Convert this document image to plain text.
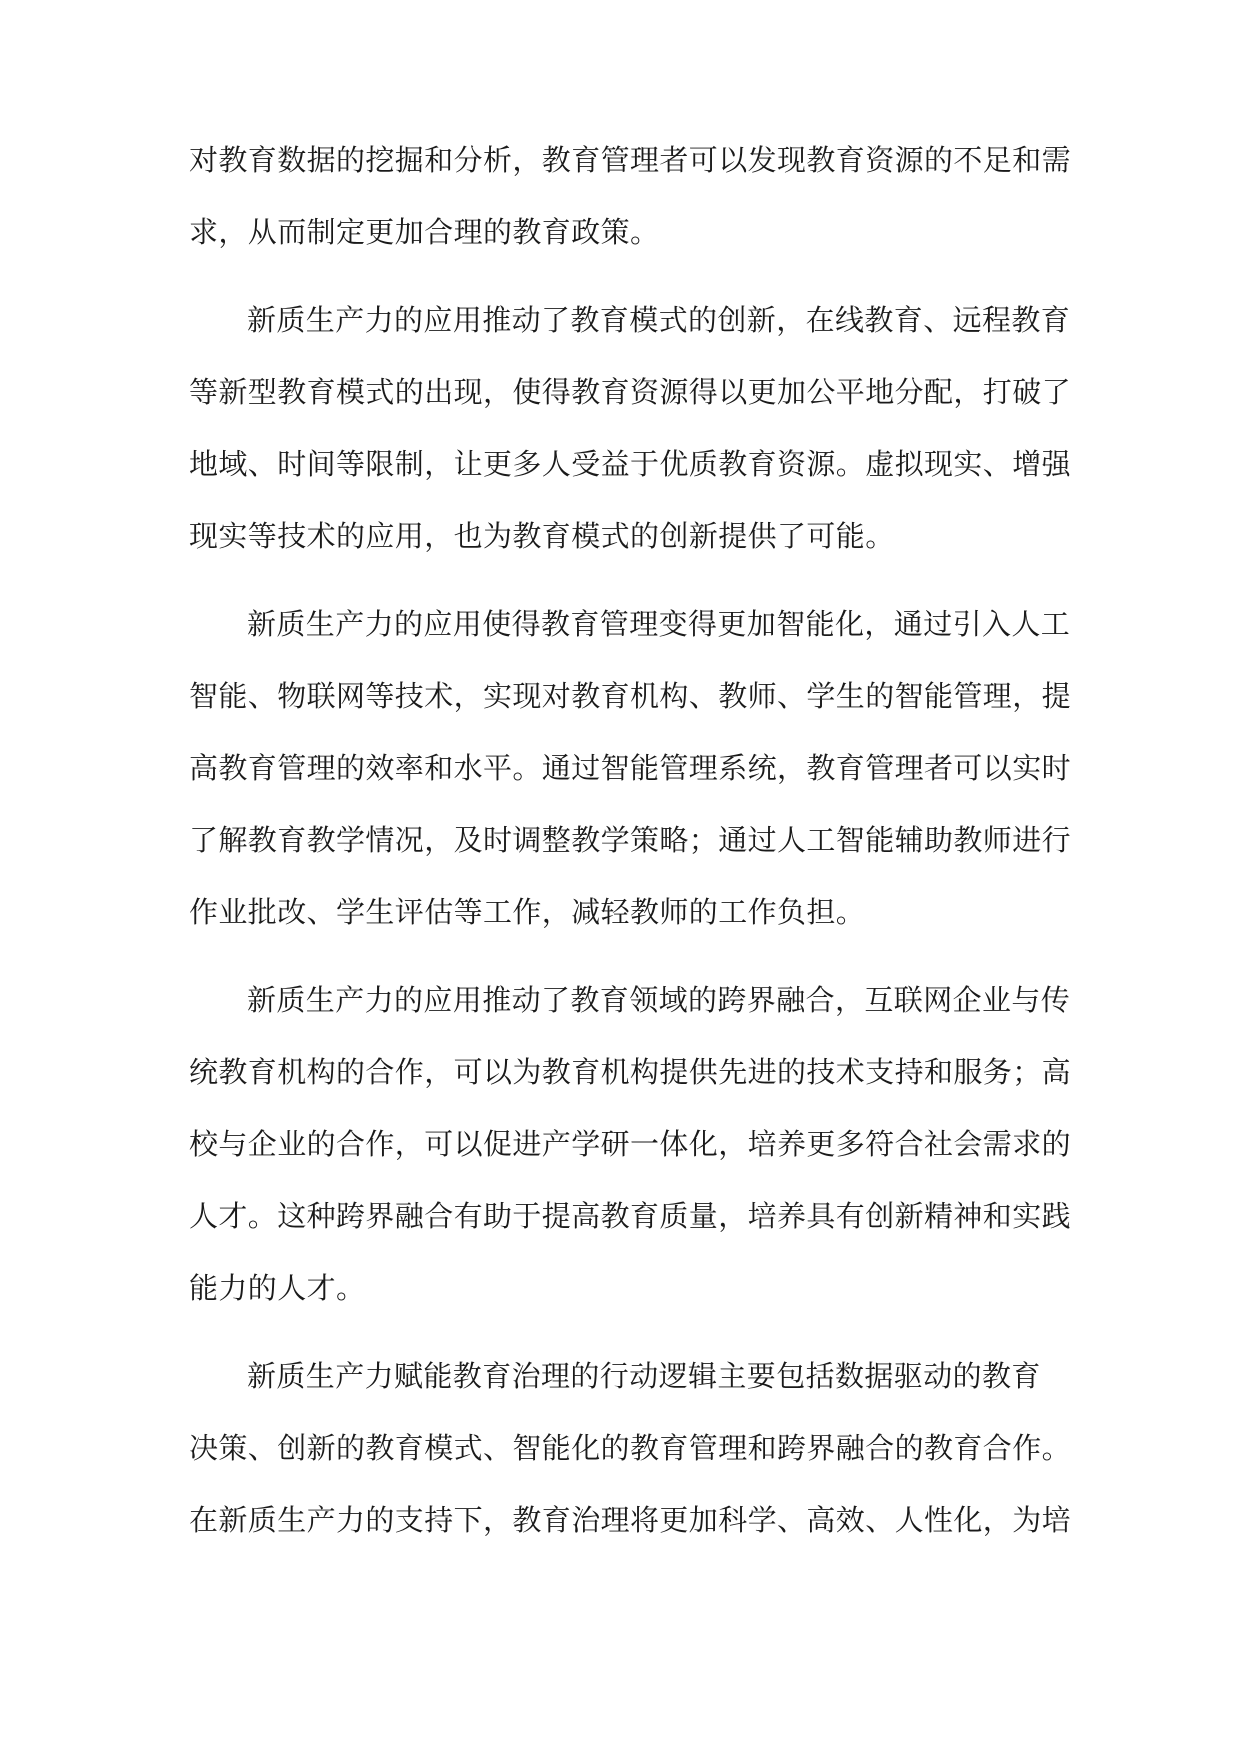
对教育数据的挖掘和分析，教育管理者可以发现教育资源的不足和需

求，从而制定更加合理的教育政策。

新质生产力的应用推动了教育模式的创新，在线教育、远程教育

等新型教育模式的出现，使得教育资源得以更加公平地分配，打破了

地域、时间等限制，让更多人受益于优质教育资源。虚拟现实、增强

现实等技术的应用，也为教育模式的创新提供了可能。

新质生产力的应用使得教育管理变得更加智能化，通过引入人工

智能、物联网等技术，实现对教育机构、教师、学生的智能管理，提

高教育管理的效率和水平。通过智能管理系统，教育管理者可以实时

了解教育教学情况，及时调整教学策略；通过人工智能辅助教师进行

作业批改、学生评估等工作，减轻教师的工作负担。

新质生产力的应用推动了教育领域的跨界融合，互联网企业与传

统教育机构的合作，可以为教育机构提供先进的技术支持和服务；高

校与企业的合作，可以促进产学研一体化，培养更多符合社会需求的

人才。这种跨界融合有助于提高教育质量，培养具有创新精神和实践

能力的人才。

新质生产力赋能教育治理的行动逻辑主要包括数据驱动的教育

决策、创新的教育模式、智能化的教育管理和跨界融合的教育合作。

在新质生产力的支持下，教育治理将更加科学、高效、人性化，为培
